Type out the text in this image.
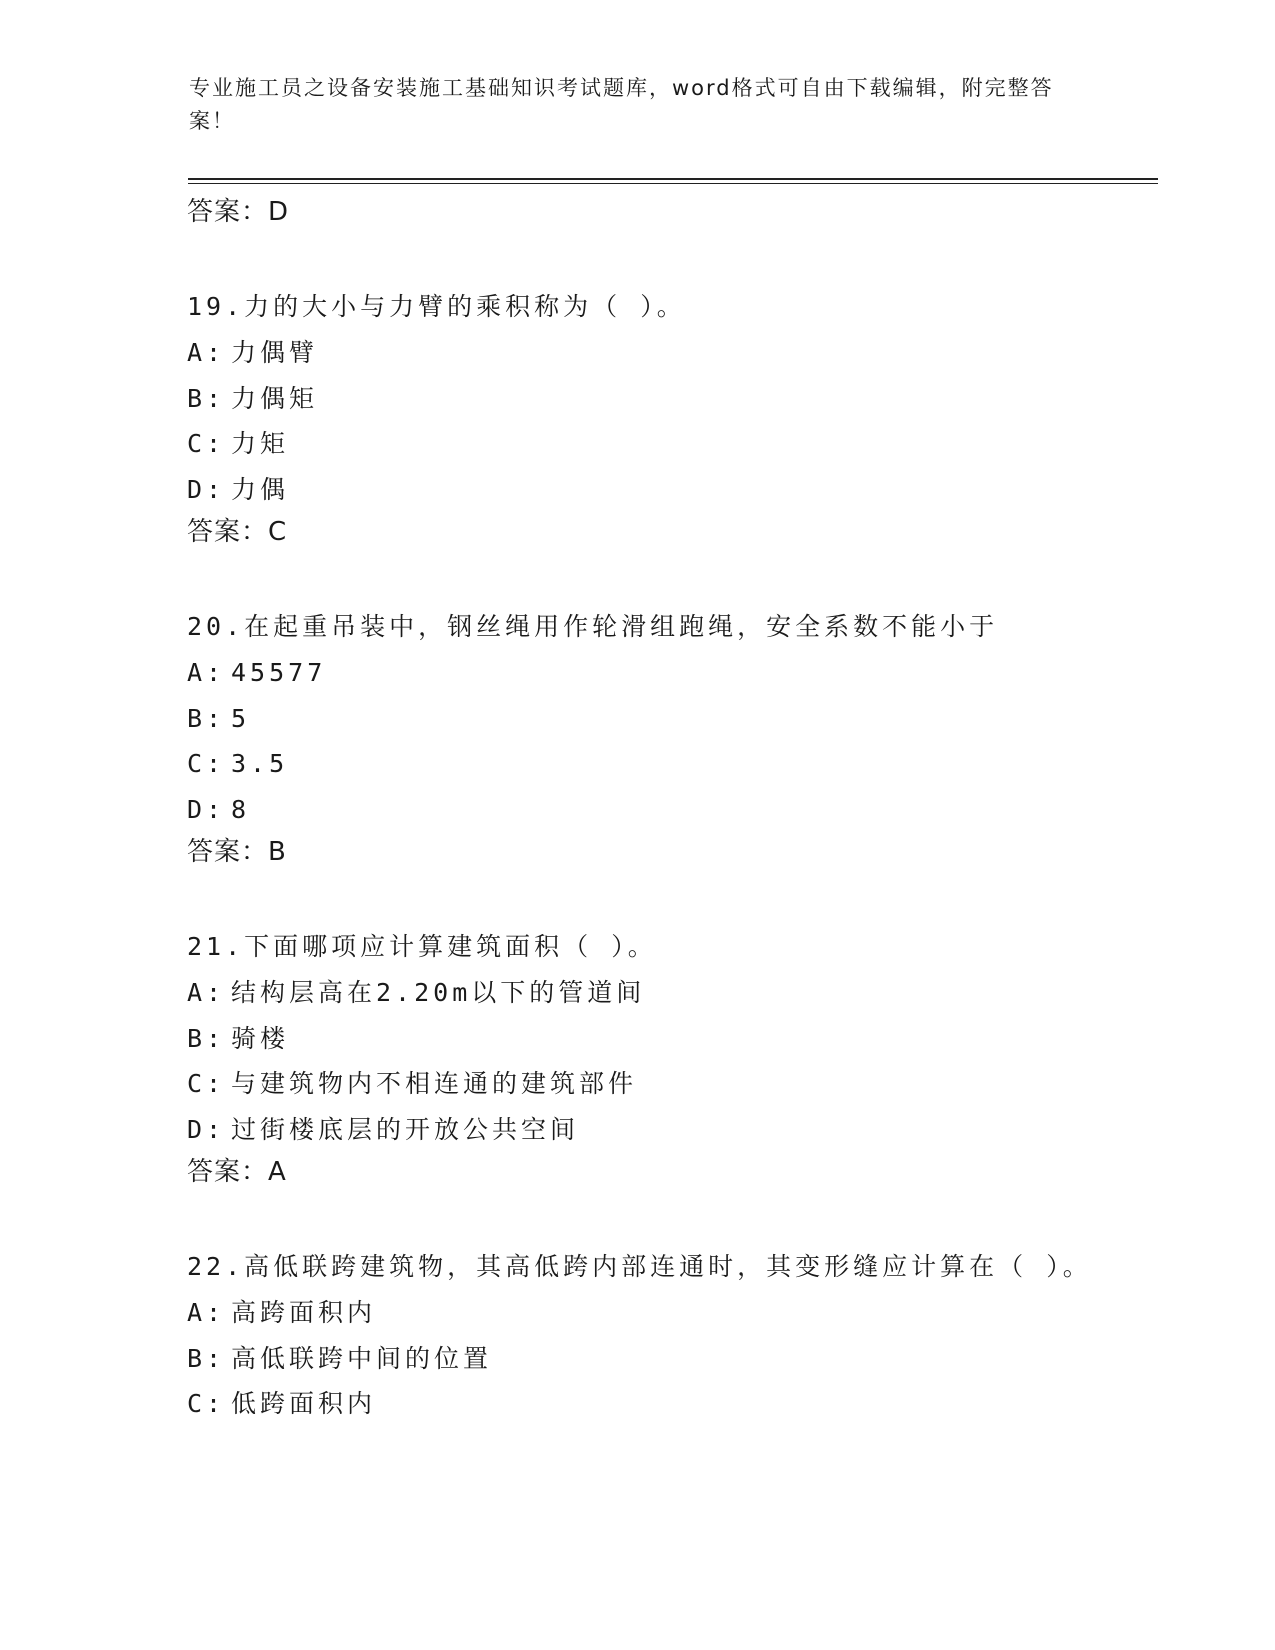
专业施工员之设备安装施工基础知识考试题库，word格式可自由下载编辑，附完整答案！
答案：D
19.力的大小与力臂的乘积称为（ ）。
A: 力偶臂
B: 力偶矩
C: 力矩
D: 力偶
答案：C
20.在起重吊装中，钢丝绳用作轮滑组跑绳，安全系数不能小于
A: 45577
B: 5
C: 3.5
D: 8
答案：B
21.下面哪项应计算建筑面积（ ）。
A: 结构层高在2.20m以下的管道间
B: 骑楼
C: 与建筑物内不相连通的建筑部件
D: 过街楼底层的开放公共空间
答案：A
22.高低联跨建筑物，其高低跨内部连通时，其变形缝应计算在（ ）。
A: 高跨面积内
B: 高低联跨中间的位置
C: 低跨面积内
